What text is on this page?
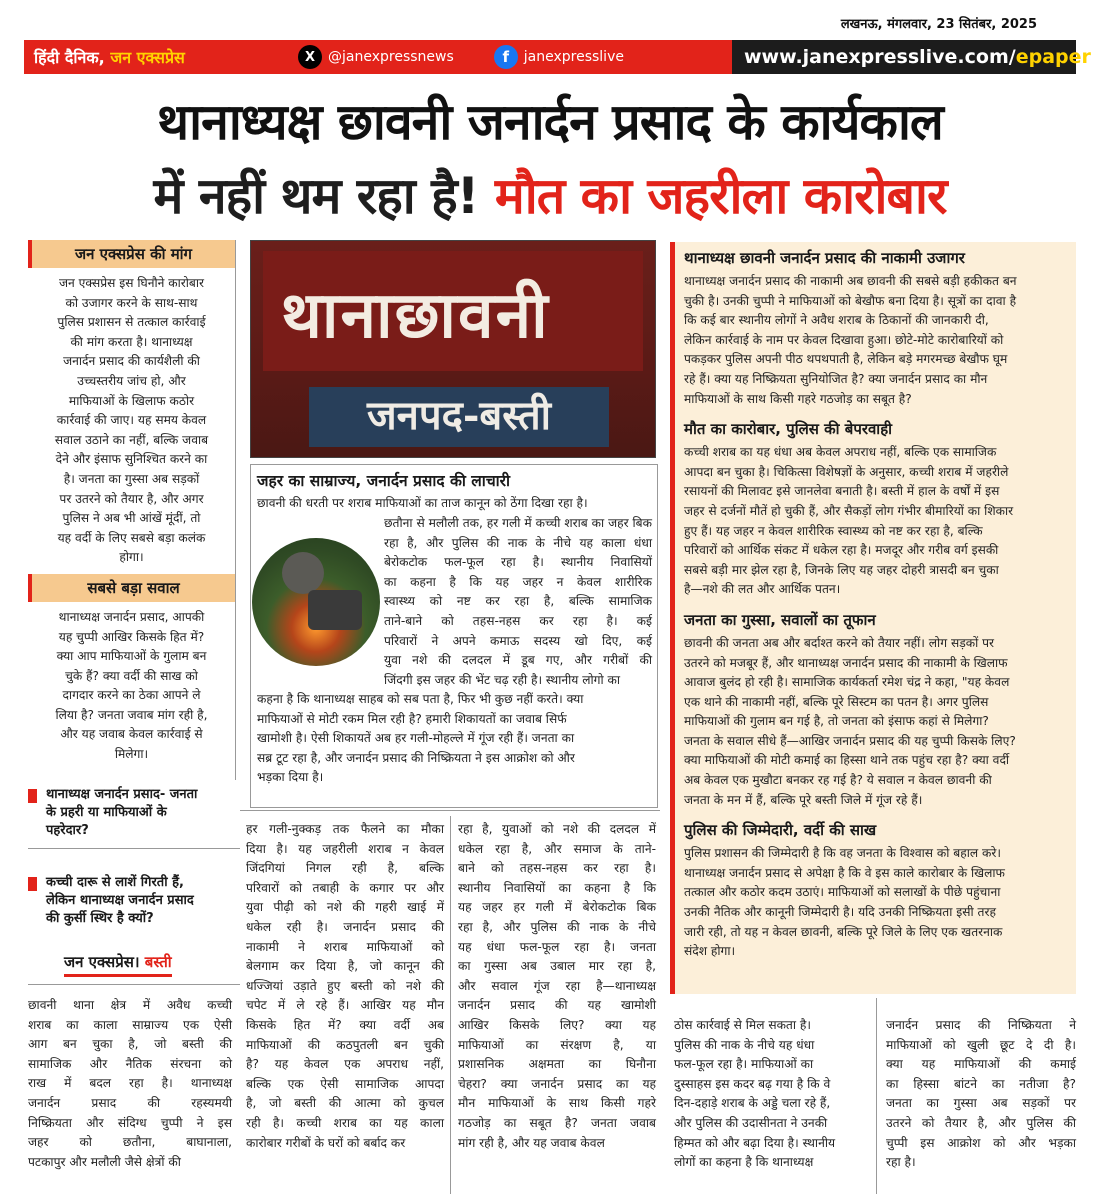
लखनऊ, मंगलवार, 23 सितंबर, 2025
हिंदी दैनिक, जन एक्सप्रेस	X @janexpressnews	f	janexpresslive	www.janexpresslive.com/ epaper
थानाध्यक्ष छावनी जनार्दन प्रसाद के कार्यकाल
में नहीं थम रहा है! मौत का जहरीला कारोबार
जन एक्सप्रेस की मांग
जन एक्सप्रेस इस घिनौने कारोबार
को उजागर करने के साथ-साथ
पुलिस प्रशासन से तत्काल कार्रवाई
की मांग करता है। थानाध्यक्ष
जनार्दन प्रसाद की कार्यशैली की
उच्चस्तरीय जांच हो, और
माफियाओं के खिलाफ कठोर
कार्रवाई की जाए। यह समय केवल
सवाल उठाने का नहीं, बल्कि जवाब
देने और इंसाफ सुनिश्चित करने का
है। जनता का गुस्सा अब सड़कों
पर उतरने को तैयार है, और अगर
पुलिस ने अब भी आंखें मूंदीं, तो
यह वर्दी के लिए सबसे बड़ा कलंक
होगा।
सबसे बड़ा सवाल
थानाध्यक्ष जनार्दन प्रसाद, आपकी
यह चुप्पी आखिर किसके हित में?
क्या आप माफियाओं के गुलाम बन
चुके हैं? क्या वर्दी की साख को
दागदार करने का ठेका आपने ले
लिया है? जनता जवाब मांग रही है,
और यह जवाब केवल कार्रवाई से
मिलेगा।
थानाध्यक्ष जनार्दन प्रसाद- जनता
के प्रहरी या माफियाओं के
पहरेदार?
कच्ची दारू से लाशें गिरती हैं,
लेकिन थानाध्यक्ष जनार्दन प्रसाद
की कुर्सी स्थिर है क्यों?
जन एक्सप्रेस। बस्ती
थानाछावनी
जनपद-बस्ती
जहर का साम्राज्य, जनार्दन प्रसाद की लाचारी
छावनी की धरती पर शराब माफियाओं का ताज कानून को ठेंगा दिखा रहा है।
छतौना से मलौली तक, हर गली में कच्ची शराब का जहर बिक
रहा है, और पुलिस की नाक के नीचे यह काला धंधा
बेरोकटोक फल-फूल रहा है। स्थानीय निवासियों
का कहना है कि यह जहर न केवल शारीरिक
स्वास्थ्य को नष्ट कर रहा है, बल्कि सामाजिक
ताने-बाने को तहस-नहस कर रहा है। कई
परिवारों ने अपने कमाऊ सदस्य खो दिए, कई
युवा नशे की दलदल में डूब गए, और गरीबों की
जिंदगी इस जहर की भेंट चढ़ रही है। स्थानीय लोगो का
कहना है कि थानाध्यक्ष साहब को सब पता है, फिर भी कुछ नहीं करते। क्या
माफियाओं से मोटी रकम मिल रही है? हमारी शिकायतों का जवाब सिर्फ
खामोशी है। ऐसी शिकायतें अब हर गली-मोहल्ले में गूंज रही हैं। जनता का
सब्र टूट रहा है, और जनार्दन प्रसाद की निष्क्रियता ने इस आक्रोश को और
भड़का दिया है।
थानाध्यक्ष छावनी जनार्दन प्रसाद की नाकामी उजागर
थानाध्यक्ष जनार्दन प्रसाद की नाकामी अब छावनी की सबसे बड़ी हकीकत बन
चुकी है। उनकी चुप्पी ने माफियाओं को बेखौफ बना दिया है। सूत्रों का दावा है
कि कई बार स्थानीय लोगों ने अवैध शराब के ठिकानों की जानकारी दी,
लेकिन कार्रवाई के नाम पर केवल दिखावा हुआ। छोटे-मोटे कारोबारियों को
पकड़कर पुलिस अपनी पीठ थपथपाती है, लेकिन बड़े मगरमच्छ बेखौफ घूम
रहे हैं। क्या यह निष्क्रियता सुनियोजित है? क्या जनार्दन प्रसाद का मौन
माफियाओं के साथ किसी गहरे गठजोड़ का सबूत है?
मौत का कारोबार, पुलिस की बेपरवाही
कच्ची शराब का यह धंधा अब केवल अपराध नहीं, बल्कि एक सामाजिक
आपदा बन चुका है। चिकित्सा विशेषज्ञों के अनुसार, कच्ची शराब में जहरीले
रसायनों की मिलावट इसे जानलेवा बनाती है। बस्ती में हाल के वर्षों में इस
जहर से दर्जनों मौतें हो चुकी हैं, और सैकड़ों लोग गंभीर बीमारियों का शिकार
हुए हैं। यह जहर न केवल शारीरिक स्वास्थ्य को नष्ट कर रहा है, बल्कि
परिवारों को आर्थिक संकट में धकेल रहा है। मजदूर और गरीब वर्ग इसकी
सबसे बड़ी मार झेल रहा है, जिनके लिए यह जहर दोहरी त्रासदी बन चुका
है—नशे की लत और आर्थिक पतन।
जनता का गुस्सा, सवालों का तूफान
छावनी की जनता अब और बर्दाश्त करने को तैयार नहीं। लोग सड़कों पर
उतरने को मजबूर हैं, और थानाध्यक्ष जनार्दन प्रसाद की नाकामी के खिलाफ
आवाज बुलंद हो रही है। सामाजिक कार्यकर्ता रमेश चंद्र ने कहा, "यह केवल
एक थाने की नाकामी नहीं, बल्कि पूरे सिस्टम का पतन है। अगर पुलिस
माफियाओं की गुलाम बन गई है, तो जनता को इंसाफ कहां से मिलेगा?
जनता के सवाल सीधे हैं—आखिर जनार्दन प्रसाद की यह चुप्पी किसके लिए?
क्या माफियाओं की मोटी कमाई का हिस्सा थाने तक पहुंच रहा है? क्या वर्दी
अब केवल एक मुखौटा बनकर रह गई है? ये सवाल न केवल छावनी की
जनता के मन में हैं, बल्कि पूरे बस्ती जिले में गूंज रहे हैं।
पुलिस की जिम्मेदारी, वर्दी की साख
पुलिस प्रशासन की जिम्मेदारी है कि वह जनता के विश्वास को बहाल करे।
थानाध्यक्ष जनार्दन प्रसाद से अपेक्षा है कि वे इस काले कारोबार के खिलाफ
तत्काल और कठोर कदम उठाएं। माफियाओं को सलाखों के पीछे पहुंचाना
उनकी नैतिक और कानूनी जिम्मेदारी है। यदि उनकी निष्क्रियता इसी तरह
जारी रही, तो यह न केवल छावनी, बल्कि पूरे जिले के लिए एक खतरनाक
संदेश होगा।
छावनी थाना क्षेत्र में अवैध कच्ची
शराब का काला साम्राज्य एक ऐसी
आग बन चुका है, जो बस्ती की
सामाजिक और नैतिक संरचना को
राख में बदल रहा है। थानाध्यक्ष
जनार्दन प्रसाद की रहस्यमयी
निष्क्रियता और संदिग्ध चुप्पी ने इस
जहर को छतौना, बाघानाला,
पटकापुर और मलौली जैसे क्षेत्रों की
हर गली-नुक्कड़ तक फैलने का मौका
दिया है। यह जहरीली शराब न केवल
जिंदगियां निगल रही है, बल्कि
परिवारों को तबाही के कगार पर और
युवा पीढ़ी को नशे की गहरी खाई में
धकेल रही है। जनार्दन प्रसाद की
नाकामी ने शराब माफियाओं को
बेलगाम कर दिया है, जो कानून की
धज्जियां उड़ाते हुए बस्ती को नशे की
चपेट में ले रहे हैं। आखिर यह मौन
किसके हित में? क्या वर्दी अब
माफियाओं की कठपुतली बन चुकी
है? यह केवल एक अपराध नहीं,
बल्कि एक ऐसी सामाजिक आपदा
है, जो बस्ती की आत्मा को कुचल
रही है। कच्ची शराब का यह काला
कारोबार गरीबों के घरों को बर्बाद कर
रहा है, युवाओं को नशे की दलदल में
धकेल रहा है, और समाज के ताने-
बाने को तहस-नहस कर रहा है।
स्थानीय निवासियों का कहना है कि
यह जहर हर गली में बेरोकटोक बिक
रहा है, और पुलिस की नाक के नीचे
यह धंधा फल-फूल रहा है। जनता
का गुस्सा अब उबाल मार रहा है,
और सवाल गूंज रहा है—थानाध्यक्ष
जनार्दन प्रसाद की यह खामोशी
आखिर किसके लिए? क्या यह
माफियाओं का संरक्षण है, या
प्रशासनिक अक्षमता का घिनौना
चेहरा? क्या जनार्दन प्रसाद का यह
मौन माफियाओं के साथ किसी गहरे
गठजोड़ का सबूत है? जनता जवाब
मांग रही है, और यह जवाब केवल
ठोस कार्रवाई से मिल सकता है।
पुलिस की नाक के नीचे यह धंधा
फल-फूल रहा है। माफियाओं का
दुस्साहस इस कदर बढ़ गया है कि वे
दिन-दहाड़े शराब के अड्डे चला रहे हैं,
और पुलिस की उदासीनता ने उनकी
हिम्मत को और बढ़ा दिया है। स्थानीय
लोगों का कहना है कि थानाध्यक्ष
जनार्दन प्रसाद की निष्क्रियता ने
माफियाओं को खुली छूट दे दी है।
क्या यह माफियाओं की कमाई
का हिस्सा बांटने का नतीजा है?
जनता का गुस्सा अब सड़कों पर
उतरने को तैयार है, और पुलिस की
चुप्पी इस आक्रोश को और भड़का
रहा है।
